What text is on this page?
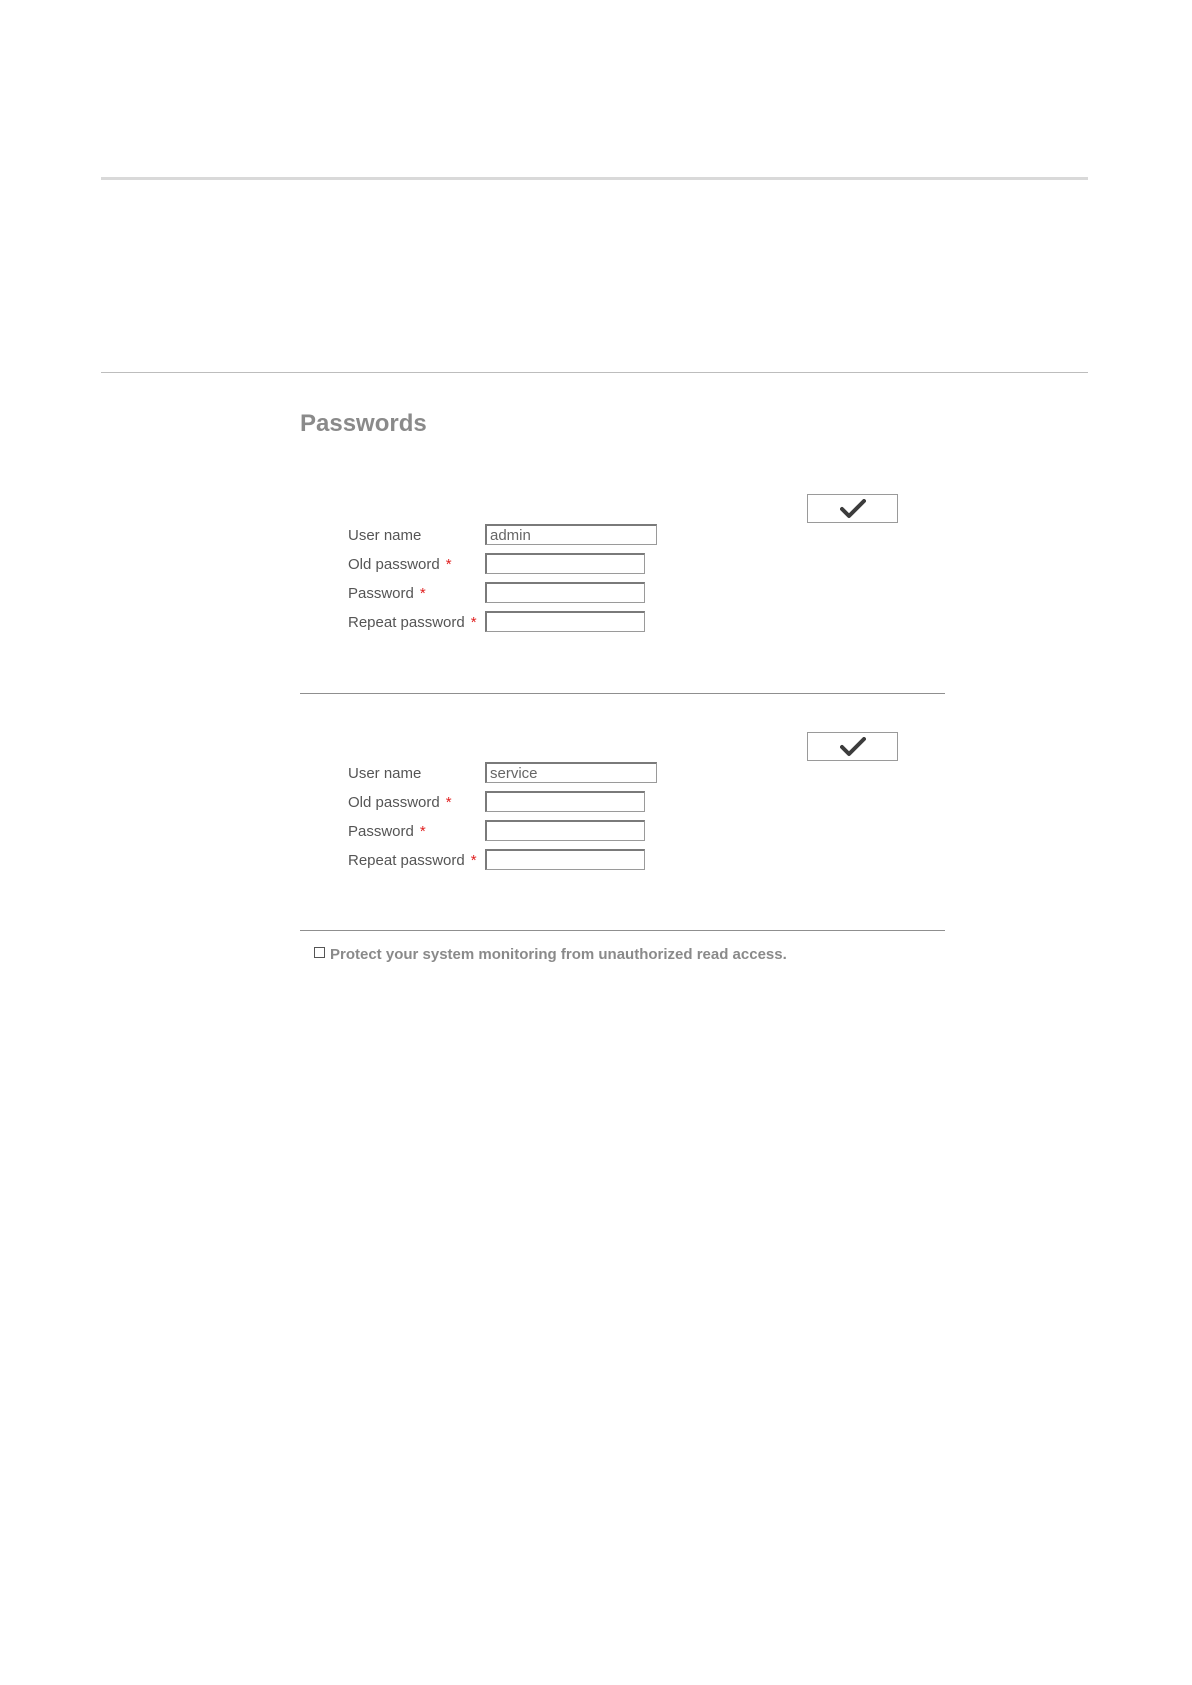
Passwords
User name
admin
Old password *
Password *
Repeat password *
User name
service
Old password *
Password *
Repeat password *
Protect your system monitoring from unauthorized read access.
